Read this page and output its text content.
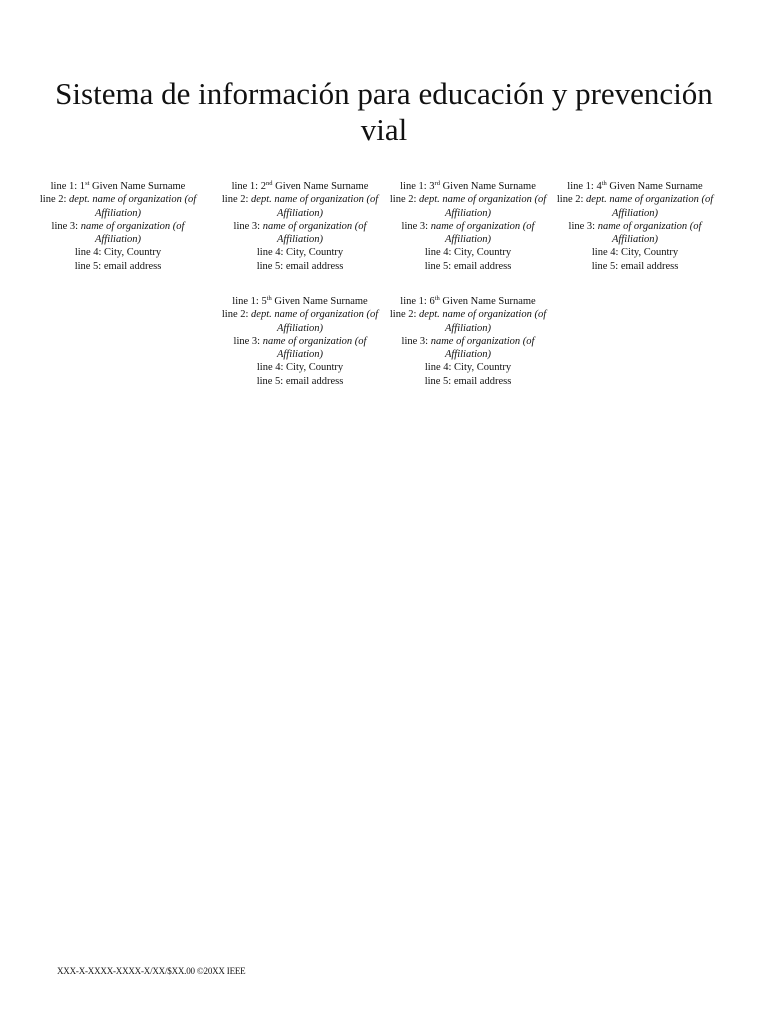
Sistema de información para educación y prevención vial
line 1: 1st Given Name Surname
line 2: dept. name of organization (of Affiliation)
line 3: name of organization (of Affiliation)
line 4: City, Country
line 5: email address
line 1: 2nd Given Name Surname
line 2: dept. name of organization (of Affiliation)
line 3: name of organization (of Affiliation)
line 4: City, Country
line 5: email address
line 1: 3rd Given Name Surname
line 2: dept. name of organization (of Affiliation)
line 3: name of organization (of Affiliation)
line 4: City, Country
line 5: email address
line 1: 4th Given Name Surname
line 2: dept. name of organization (of Affiliation)
line 3: name of organization (of Affiliation)
line 4: City, Country
line 5: email address
line 1: 5th Given Name Surname
line 2: dept. name of organization (of Affiliation)
line 3: name of organization (of Affiliation)
line 4: City, Country
line 5: email address
line 1: 6th Given Name Surname
line 2: dept. name of organization (of Affiliation)
line 3: name of organization (of Affiliation)
line 4: City, Country
line 5: email address
XXX-X-XXXX-XXXX-X/XX/$XX.00 ©20XX IEEE
